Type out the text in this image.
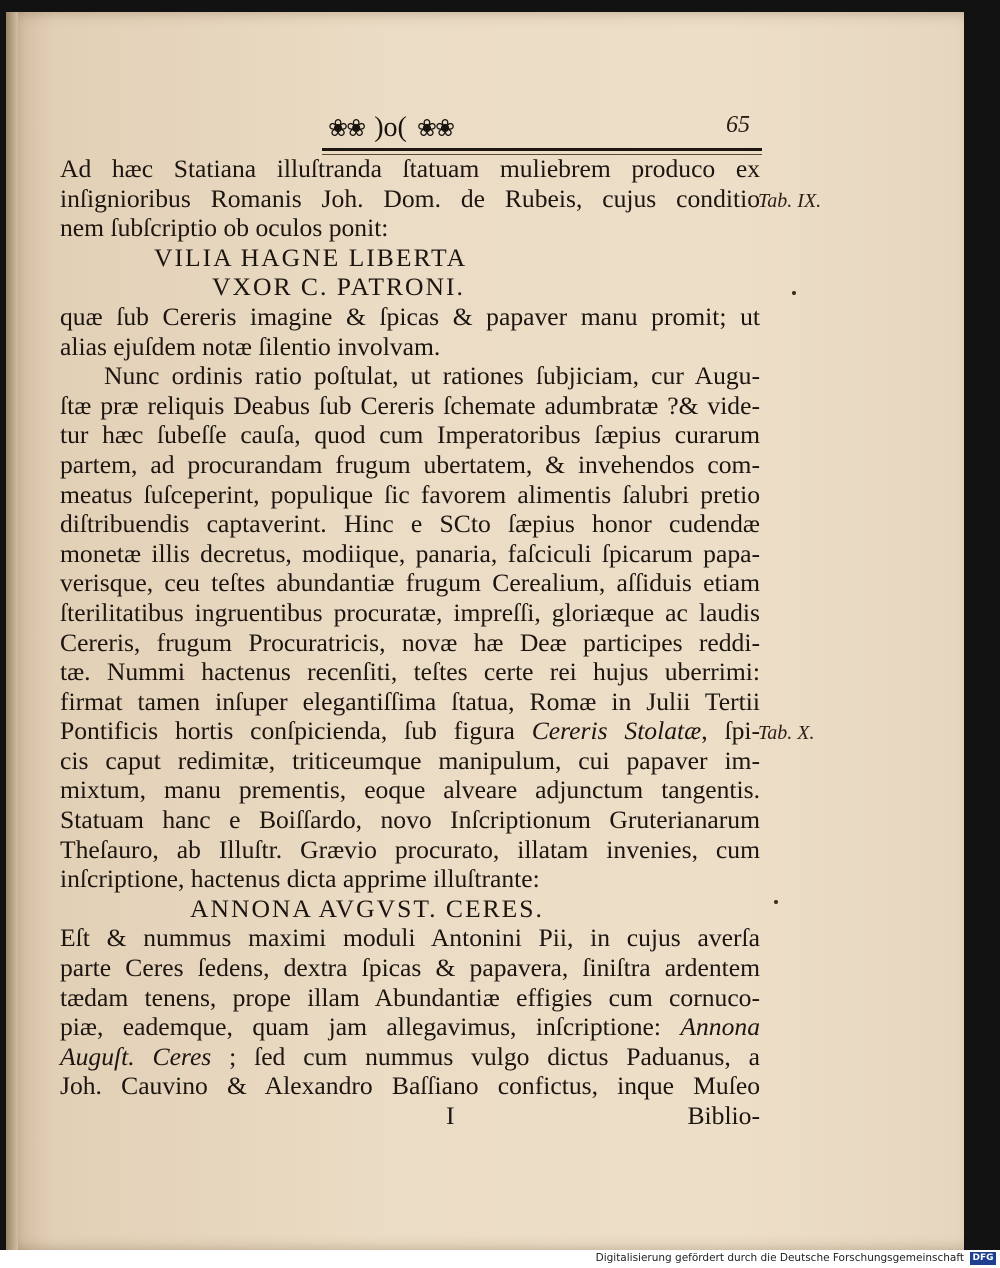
❀❀ )o( ❀❀	65
Ad hæc Statiana illuſtranda ſtatuam muliebrem produco ex
inſignioribus Romanis Joh. Dom. de Rubeis, cujus conditio
nem ſubſcriptio ob oculos ponit:
VILIA HAGNE LIBERTA
VXOR C. PATRONI.
quæ ſub Cereris imagine & ſpicas & papaver manu promit; ut
alias ejuſdem notæ ſilentio involvam.
Nunc ordinis ratio poſtulat, ut rationes ſubjiciam, cur Augu-
ſtæ præ reliquis Deabus ſub Cereris ſchemate adumbratæ ?& vide-
tur hæc ſubeſſe cauſa, quod cum Imperatoribus ſæpius curarum
partem, ad procurandam frugum ubertatem, & invehendos com-
meatus ſuſceperint, populique ſic favorem alimentis ſalubri pretio
diſtribuendis captaverint. Hinc e SCto ſæpius honor cudendæ
monetæ illis decretus, modiique, panaria, faſciculi ſpicarum papa-
verisque, ceu teſtes abundantiæ frugum Cerealium, aſſiduis etiam
ſterilitatibus ingruentibus procuratæ, impreſſi, gloriæque ac laudis
Cereris, frugum Procuratricis, novæ hæ Deæ participes reddi-
tæ. Nummi hactenus recenſiti, teſtes certe rei hujus uberrimi:
firmat tamen inſuper elegantiſſima ſtatua, Romæ in Julii Tertii
Pontificis hortis conſpicienda, ſub figura Cereris Stolatæ, ſpi-
cis caput redimitæ, triticeumque manipulum, cui papaver im-
mixtum, manu prementis, eoque alveare adjunctum tangentis.
Statuam hanc e Boiſſardo, novo Inſcriptionum Gruterianarum
Theſauro, ab Illuſtr. Grævio procurato, illatam invenies, cum
inſcriptione, hactenus dicta apprime illuſtrante:
ANNONA AVGVST. CERES.
Eſt & nummus maximi moduli Antonini Pii, in cujus averſa
parte Ceres ſedens, dextra ſpicas & papavera, ſiniſtra ardentem
tædam tenens, prope illam Abundantiæ effigies cum cornuco-
piæ, eademque, quam jam allegavimus, inſcriptione: Annona
Auguſt. Ceres ; ſed cum nummus vulgo dictus Paduanus, a
Joh. Cauvino & Alexandro Baſſiano confictus, inque Muſeo
I	Biblio-
Tab. IX.
Tab. X.
Digitalisierung gefördert durch die Deutsche Forschungsgemeinschaft DFG
